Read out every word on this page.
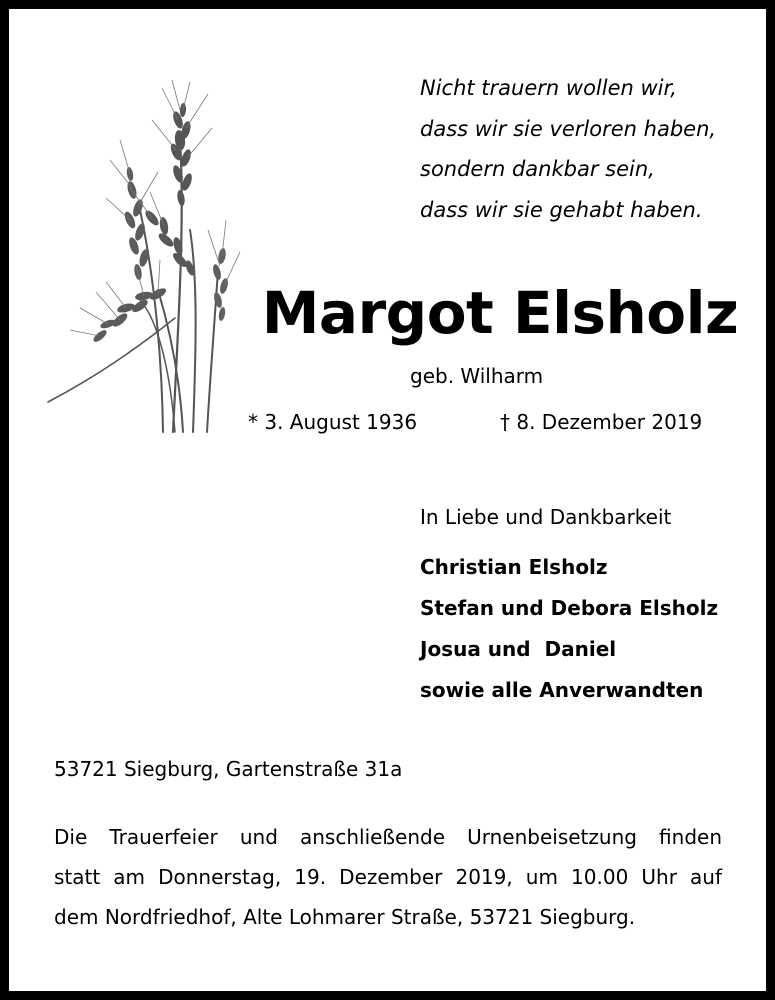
Nicht trauern wollen wir,
dass wir sie verloren haben,
sondern dankbar sein,
dass wir sie gehabt haben.
Margot Elsholz
geb. Wilharm
* 3. August 1936	† 8. Dezember 2019
In Liebe und Dankbarkeit
Christian Elsholz
Stefan und Debora Elsholz
Josua und  Daniel
sowie alle Anverwandten
53721 Siegburg, Gartenstraße 31a
Die Trauerfeier und anschließende Urnenbeisetzung finden
statt am Donnerstag, 19. Dezember 2019, um 10.00 Uhr auf
dem Nordfriedhof, Alte Lohmarer Straße, 53721 Siegburg.
